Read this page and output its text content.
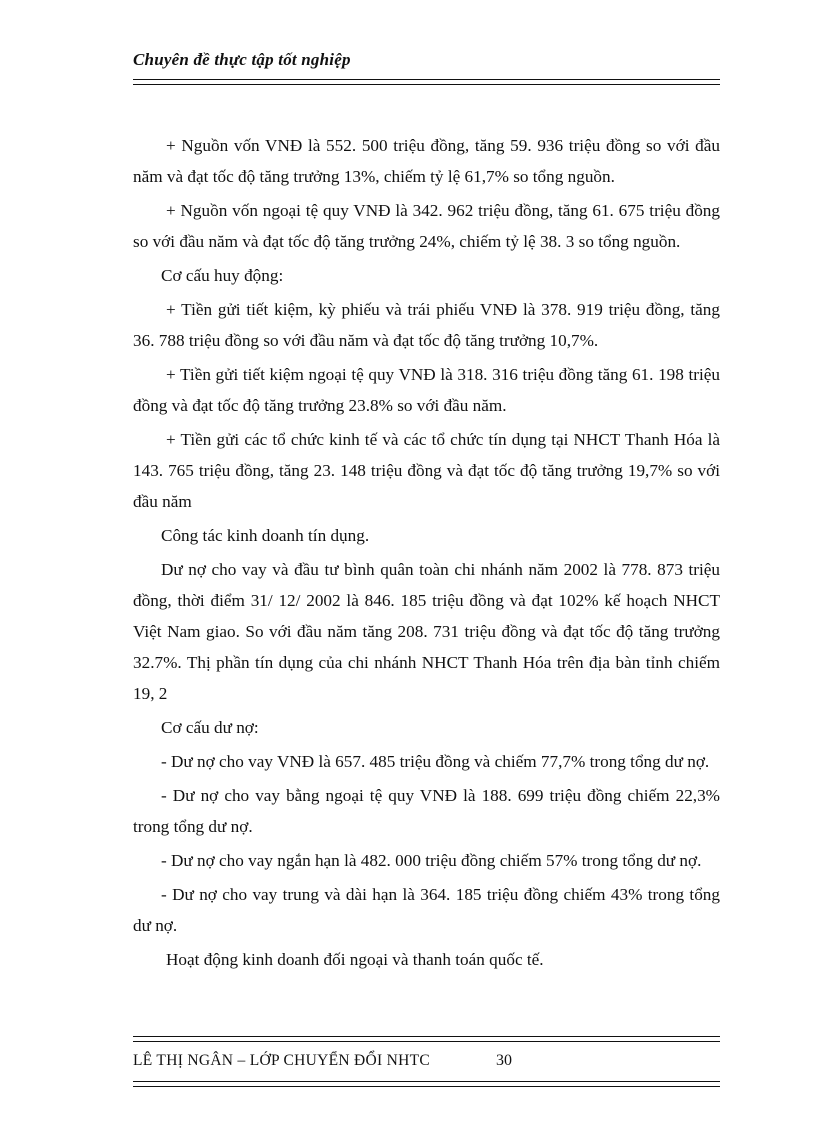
Chuyên đề thực tập tốt nghiệp

+ Nguồn vốn VNĐ là 552. 500 triệu đồng, tăng 59. 936 triệu đồng so với đầu năm và đạt tốc độ tăng trưởng 13%, chiếm tỷ lệ 61,7% so tổng nguồn.

+ Nguồn vốn ngoại tệ quy VNĐ là 342. 962 triệu đồng, tăng 61. 675 triệu đồng so với đầu năm và đạt tốc độ tăng trưởng 24%, chiếm tỷ lệ 38. 3 so tổng nguồn.

Cơ cấu huy động:

+ Tiền gửi tiết kiệm, kỳ phiếu và trái phiếu VNĐ là 378. 919 triệu đồng, tăng 36. 788 triệu đồng so với đầu năm và đạt tốc độ tăng trưởng 10,7%.

+ Tiền gửi tiết kiệm ngoại tệ quy VNĐ là 318. 316 triệu đồng tăng 61. 198 triệu đồng và đạt tốc độ tăng trưởng 23.8% so với đầu năm.

+ Tiền gửi các tổ chức kinh tế và các tổ chức tín dụng tại NHCT Thanh Hóa là 143. 765 triệu đồng, tăng 23. 148 triệu đồng và đạt tốc độ tăng trưởng 19,7% so với đầu năm

Công tác kinh doanh tín dụng.

Dư nợ cho vay và đầu tư bình quân toàn chi nhánh năm 2002 là 778. 873 triệu đồng, thời điểm 31/ 12/ 2002 là 846. 185 triệu đồng và đạt 102% kế hoạch NHCT Việt Nam giao. So với đầu năm tăng 208. 731 triệu đồng và đạt tốc độ tăng trưởng 32.7%. Thị phần tín dụng của chi nhánh NHCT Thanh Hóa trên địa bàn tỉnh chiếm 19, 2

Cơ cấu dư nợ:

- Dư nợ cho vay VNĐ là 657. 485 triệu đồng và chiếm 77,7% trong tổng dư nợ.

- Dư nợ cho vay bằng ngoại tệ quy VNĐ là 188. 699 triệu đồng chiếm 22,3% trong tổng dư nợ.

- Dư nợ cho vay ngắn hạn là 482. 000 triệu đồng chiếm 57% trong tổng dư nợ.

- Dư nợ cho vay trung và dài hạn là 364. 185 triệu đồng chiếm 43% trong tổng dư nợ.

Hoạt động kinh doanh đối ngoại và thanh toán quốc tế.

LÊ THỊ NGÂN – LỚP CHUYỂN ĐỔI NHTC	30
